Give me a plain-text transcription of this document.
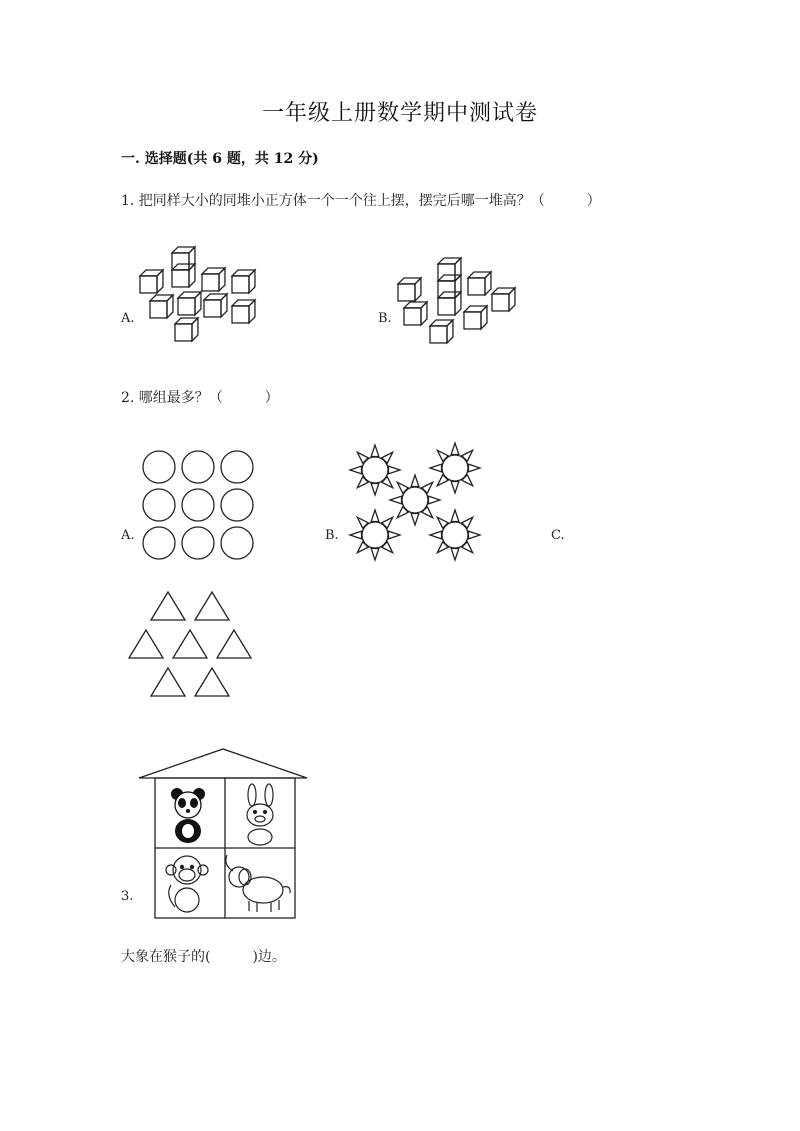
一年级上册数学期中测试卷
一. 选择题(共 6 题，共 12 分)
1. 把同样大小的同堆小正方体一个一个往上摆，摆完后哪一堆高？（　　　）
A.	B.
2. 哪组最多？（　　　）
A.	B.	C.
3.
大象在猴子的(　　　)边。
